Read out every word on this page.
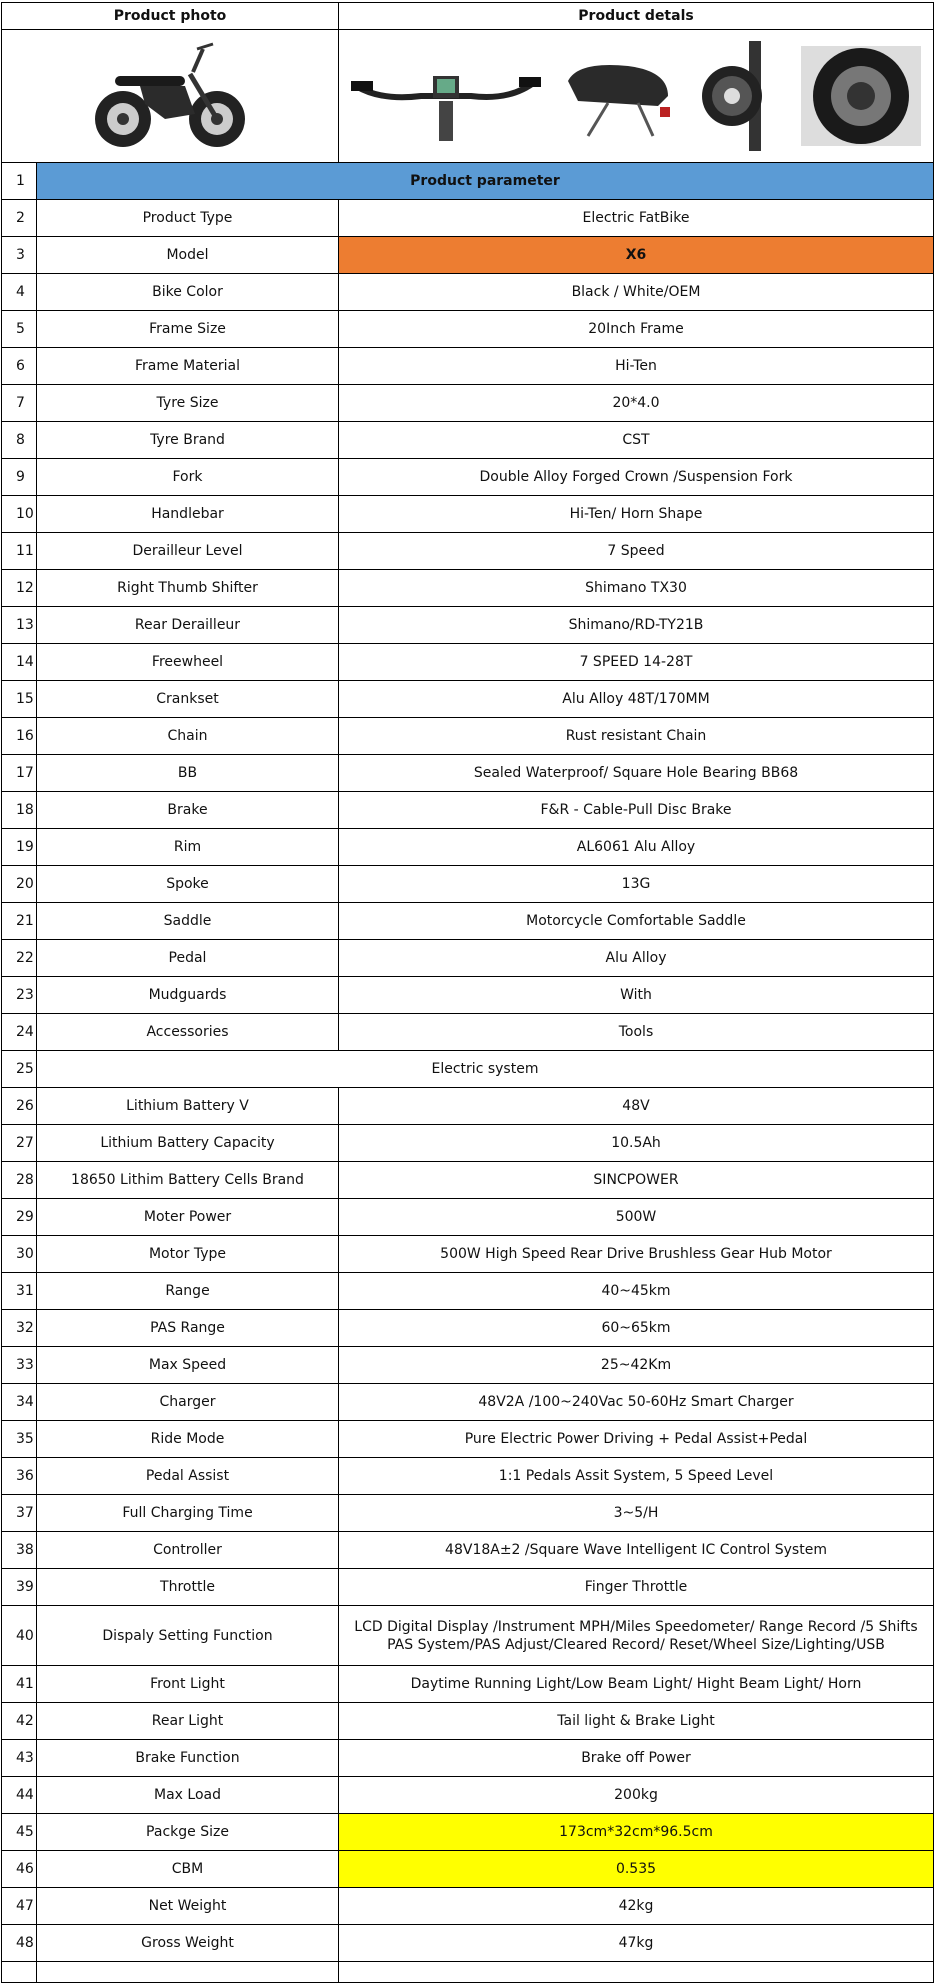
Product photo		Product detals

1	Product parameter	
2	Product Type	Electric FatBike
3	Model	X6
4	Bike Color	Black / White/OEM
5	Frame Size	20Inch Frame
6	Frame Material	Hi-Ten
7	Tyre Size	20*4.0
8	Tyre Brand	CST
9	Fork	Double Alloy Forged Crown /Suspension Fork
10	Handlebar	Hi-Ten/ Horn Shape
11	Derailleur Level	7 Speed
12	Right Thumb Shifter	Shimano TX30
13	Rear Derailleur	Shimano/RD-TY21B
14	Freewheel	7 SPEED 14-28T
15	Crankset	Alu Alloy 48T/170MM
16	Chain	Rust resistant Chain
17	BB	Sealed Waterproof/ Square Hole Bearing BB68
18	Brake	F&R - Cable-Pull Disc Brake
19	Rim	AL6061 Alu Alloy
20	Spoke	13G
21	Saddle	Motorcycle Comfortable Saddle
22	Pedal	Alu Alloy
23	Mudguards	With
24	Accessories	Tools
25	Electric system	
26	Lithium Battery V	48V
27	Lithium Battery Capacity	10.5Ah
28	18650 Lithim Battery Cells Brand	SINCPOWER
29	Moter Power	500W
30	Motor Type	500W High Speed Rear Drive Brushless Gear Hub Motor
31	Range	40~45km
32	PAS Range	60~65km
33	Max Speed	25~42Km
34	Charger	48V2A /100~240Vac 50-60Hz Smart Charger
35	Ride Mode	Pure Electric Power Driving + Pedal Assist+Pedal
36	Pedal Assist	1:1 Pedals Assit System, 5 Speed Level
37	Full Charging Time	3~5/H
38	Controller	48V18A±2 /Square Wave Intelligent IC Control System
39	Throttle	Finger Throttle
40	Dispaly Setting Function	LCD Digital Display /Instrument MPH/Miles Speedometer/ Range Record /5 Shifts PAS System/PAS Adjust/Cleared Record/ Reset/Wheel Size/Lighting/USB
41	Front Light	Daytime Running Light/Low Beam Light/ Hight Beam Light/ Horn
42	Rear Light	Tail light & Brake Light
43	Brake Function	Brake off Power
44	Max Load	200kg
45	Packge Size	173cm*32cm*96.5cm
46	CBM	0.535
47	Net Weight	42kg
48	Gross Weight	47kg
